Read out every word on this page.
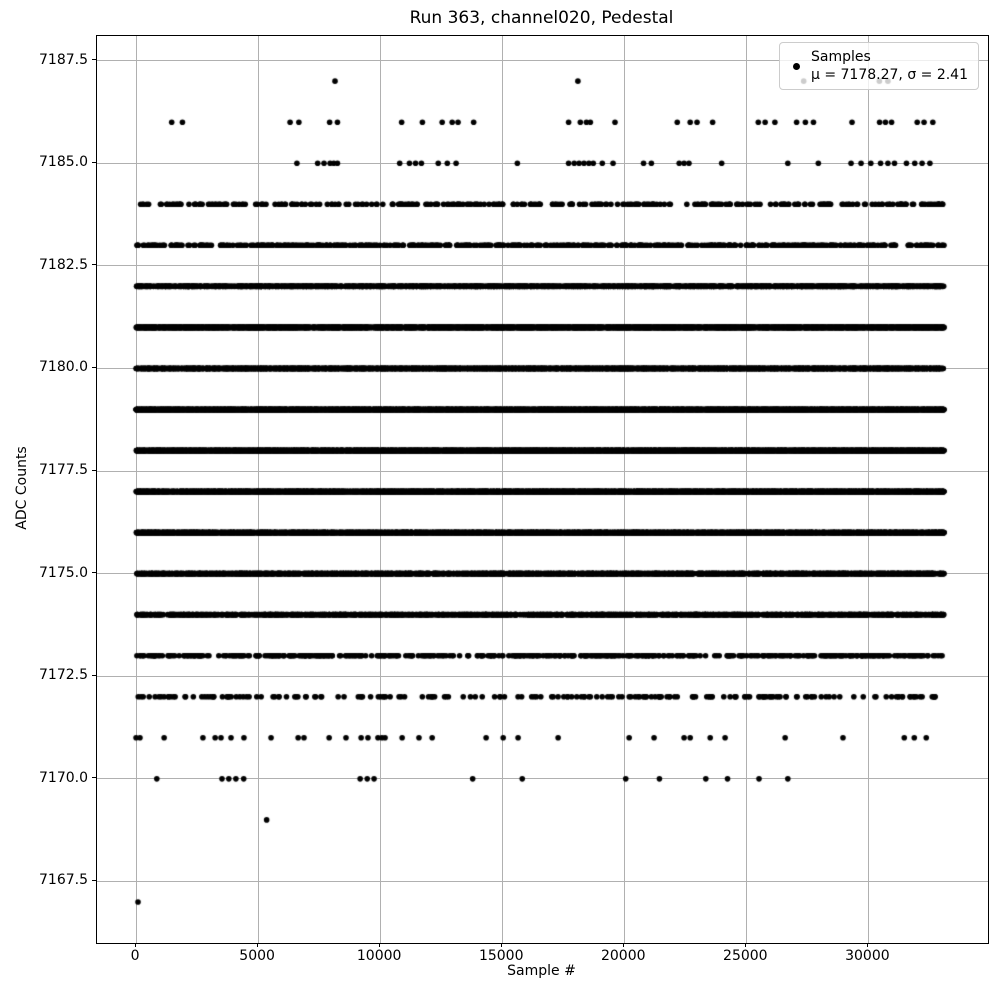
Run 363, channel020, Pedestal
Samples
μ = 7178.27, σ = 2.41
7167.5
7170.0
7172.5
7175.0
7177.5
7180.0
7182.5
7185.0
7187.5
0	5000	10000	15000	20000	25000	30000
Sample #
ADC Counts
